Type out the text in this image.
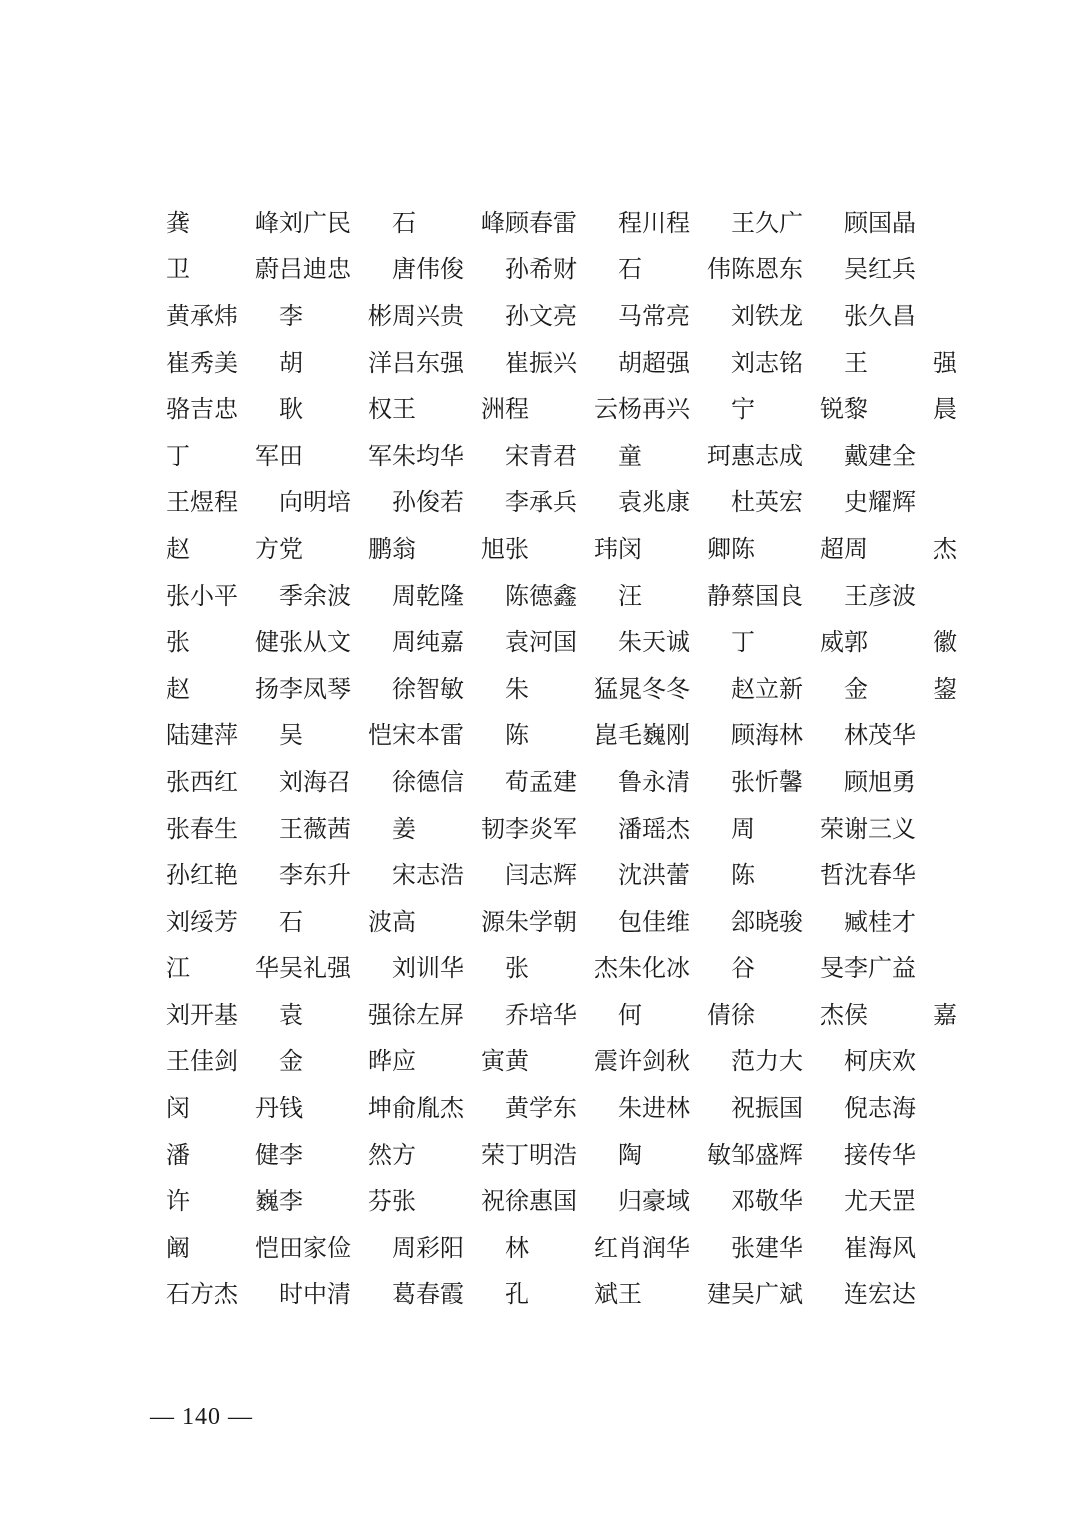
龚	峰 刘广民	石	峰 顾春雷	程川程	王久广	顾国晶
卫	蔚 吕迪忠	唐伟俊	孙希财	石	伟 陈恩东	吴红兵
黄承炜	李	彬 周兴贵	孙文亮	马常亮	刘铁龙	张久昌
崔秀美	胡	洋 吕东强	崔振兴	胡超强	刘志铭	王	强
骆吉忠	耿	权 王	洲 程	云 杨再兴	宁	锐 黎	晨
丁	军 田	军 朱均华	宋青君	童	珂 惠志成	戴建全
王煜程	向明培	孙俊若	李承兵	袁兆康	杜英宏	史耀辉
赵	方 党	鹏 翁	旭 张	玮 闵	卿 陈	超 周	杰
张小平	季余波	周乾隆	陈德鑫	汪	静 蔡国良	王彦波
张	健 张从文	周纯嘉	袁河国	朱天诚	丁	威 郭	徽
赵	扬 李凤琴	徐智敏	朱	猛 晁冬冬	赵立新	金	鋆
陆建萍	吴	恺 宋本雷	陈	崑 毛巍刚	顾海林	林茂华
张西红	刘海召	徐德信	荀孟建	鲁永清	张忻馨	顾旭勇
张春生	王薇茜	姜	韧 李炎军	潘瑶杰	周	荣 谢三义
孙红艳	李东升	宋志浩	闫志辉	沈洪蕾	陈	哲 沈春华
刘绥芳	石	波 高	源 朱学朝	包佳维	郐晓骏	臧桂才
江	华 吴礼强	刘训华	张	杰 朱化冰	谷	旻 李广益
刘开基	袁	强 徐左屏	乔培华	何	倩 徐	杰 侯	嘉
王佳剑	金	晔 应	寅 黄	震 许剑秋	范力大	柯庆欢
闵	丹 钱	坤 俞胤杰	黄学东	朱进林	祝振国	倪志海
潘	健 李	然 方	荣 丁明浩	陶	敏 邹盛辉	接传华
许	巍 李	芬 张	祝 徐惠国	归豪域	邓敬华	尤天罡
阚	恺 田家俭	周彩阳	林	红 肖润华	张建华	崔海风
石方杰	时中清	葛春霞	孔	斌 王	建 吴广斌	连宏达
— 140 —
